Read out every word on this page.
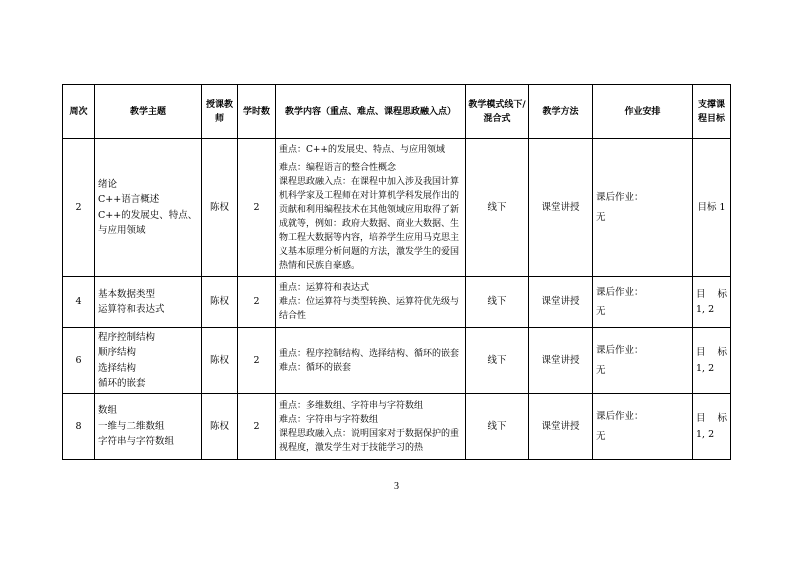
周次	教学主题	授课教师	学时数	教学内容（重点、难点、课程思政融入点）	教学模式线下/混合式	教学方法	作业安排	支撑课程目标
2	绪论
C++语言概述
C++的发展史、特点、与应用领域	陈权	2	重点：C++的发展史、特点、与应用领域
难点：编程语言的整合性概念
课程思政融入点：在课程中加入涉及我国计算机科学家及工程师在对计算机学科发展作出的贡献和利用编程技术在其他领域应用取得了新成就等，例如：政府大数据、商业大数据、生物工程大数据等内容，培养学生应用马克思主义基本原理分析问题的方法，激发学生的爱国热情和民族自豪感。	线下	课堂讲授	课后作业：
无	目标 1
4	基本数据类型
运算符和表达式	陈权	2	重点：运算符和表达式
难点：位运算符与类型转换、运算符优先级与结合性	线下	课堂讲授	课后作业：
无	目 标
1, 2

6	程序控制结构
顺序结构
选择结构
循环的嵌套	陈权	2	重点：程序控制结构、选择结构、循环的嵌套
难点：循环的嵌套	线下	课堂讲授	课后作业：
无	目 标
1, 2

8	数组
一维与二维数组
字符串与字符数组	陈权	2	重点：多维数组、字符串与字符数组
难点：字符串与字符数组
课程思政融入点：说明国家对于数据保护的重视程度，激发学生对于技能学习的热	线下	课堂讲授	课后作业：
无	目 标
1, 2
3
